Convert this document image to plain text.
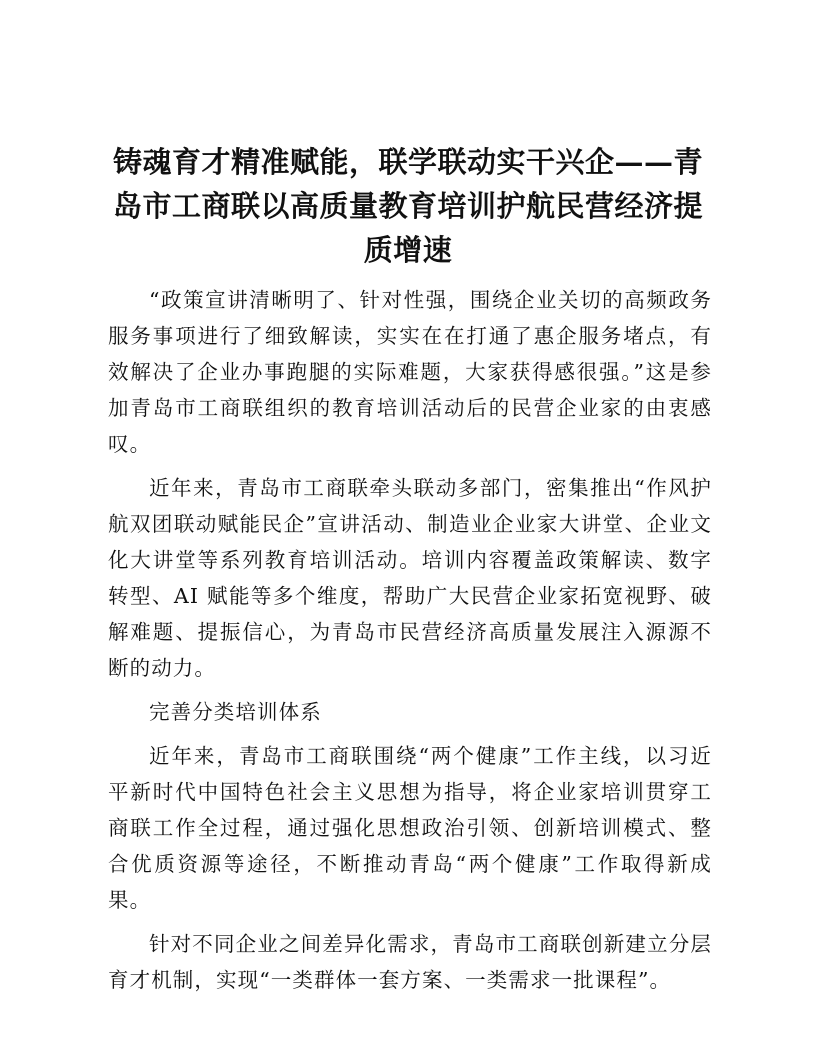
铸魂育才精准赋能，联学联动实干兴企——青岛市工商联以高质量教育培训护航民营经济提质增速

“政策宣讲清晰明了、针对性强，围绕企业关切的高频政务服务事项进行了细致解读，实实在在打通了惠企服务堵点，有效解决了企业办事跑腿的实际难题，大家获得感很强。”这是参加青岛市工商联组织的教育培训活动后的民营企业家的由衷感叹。

近年来，青岛市工商联牵头联动多部门，密集推出“作风护航双团联动赋能民企”宣讲活动、制造业企业家大讲堂、企业文化大讲堂等系列教育培训活动。培训内容覆盖政策解读、数字转型、AI 赋能等多个维度，帮助广大民营企业家拓宽视野、破解难题、提振信心，为青岛市民营经济高质量发展注入源源不断的动力。

完善分类培训体系

近年来，青岛市工商联围绕“两个健康”工作主线，以习近平新时代中国特色社会主义思想为指导，将企业家培训贯穿工商联工作全过程，通过强化思想政治引领、创新培训模式、整合优质资源等途径，不断推动青岛“两个健康”工作取得新成果。

针对不同企业之间差异化需求，青岛市工商联创新建立分层育才机制，实现“一类群体一套方案、一类需求一批课程”。
